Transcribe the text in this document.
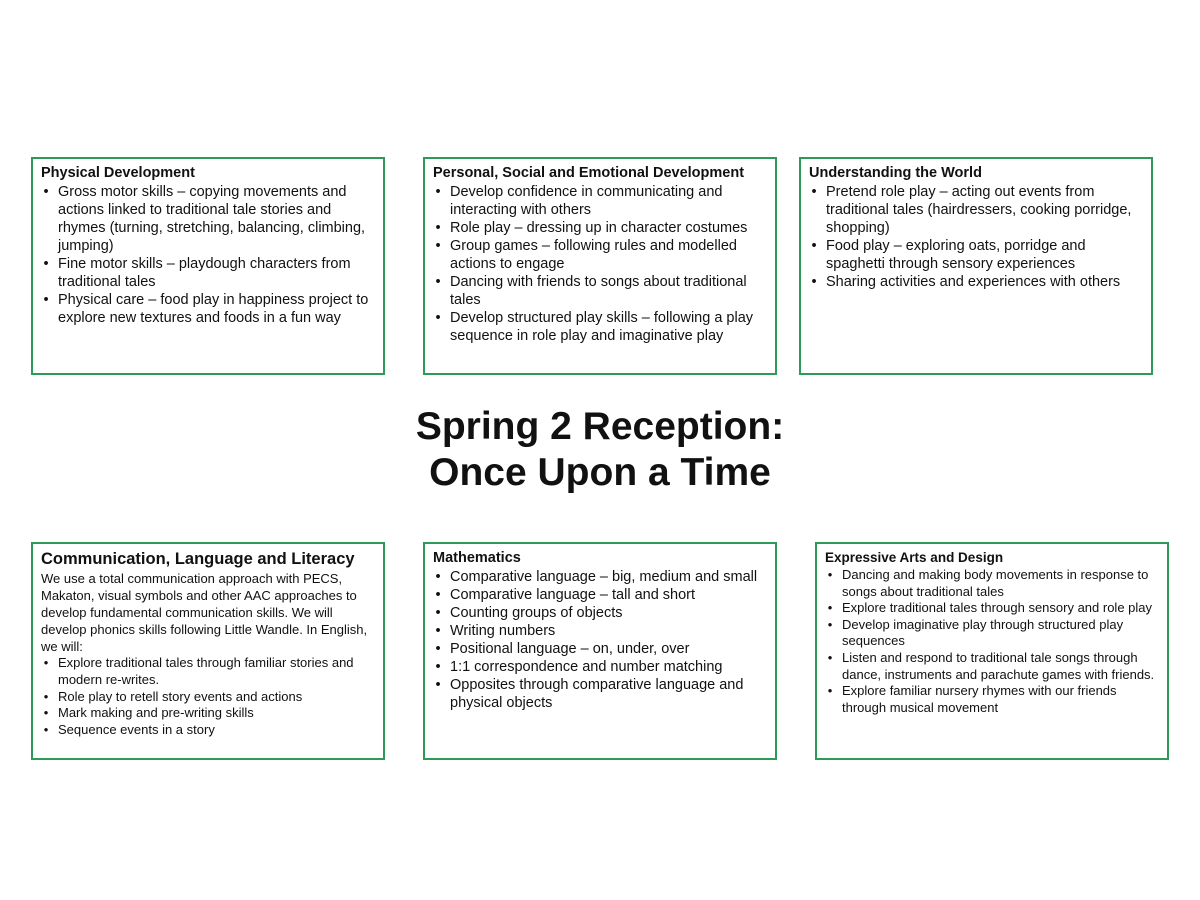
Physical Development
• Gross motor skills – copying movements and actions linked to traditional tale stories and rhymes (turning, stretching, balancing, climbing, jumping)
• Fine motor skills – playdough characters from traditional tales
• Physical care – food play in happiness project to explore new textures and foods in a fun way
Personal, Social and Emotional Development
• Develop confidence in communicating and interacting with others
• Role play – dressing up in character costumes
• Group games – following rules and modelled actions to engage
• Dancing with friends to songs about traditional tales
• Develop structured play skills – following a play sequence in role play and imaginative play
Understanding the World
• Pretend role play – acting out events from traditional tales (hairdressers, cooking porridge, shopping)
• Food play – exploring oats, porridge and spaghetti through sensory experiences
• Sharing activities and experiences with others
Spring 2 Reception:
Once Upon a Time
Communication, Language and Literacy

We use a total communication approach with PECS, Makaton, visual symbols and other AAC approaches to develop fundamental communication skills. We will develop phonics skills following Little Wandle. In English, we will:

• Explore traditional tales through familiar stories and modern re-writes.
• Role play to retell story events and actions
• Mark making and pre-writing skills
• Sequence events in a story
Mathematics
• Comparative language – big, medium and small
• Comparative language – tall and short
• Counting groups of objects
• Writing numbers
• Positional language – on, under, over
• 1:1 correspondence and number matching
• Opposites through comparative language and physical objects
Expressive Arts and Design
• Dancing and making body movements in response to songs about traditional tales
• Explore traditional tales through sensory and role play
• Develop imaginative play through structured play sequences
• Listen and respond to traditional tale songs through dance, instruments and parachute games with friends.
• Explore familiar nursery rhymes with our friends through musical movement
